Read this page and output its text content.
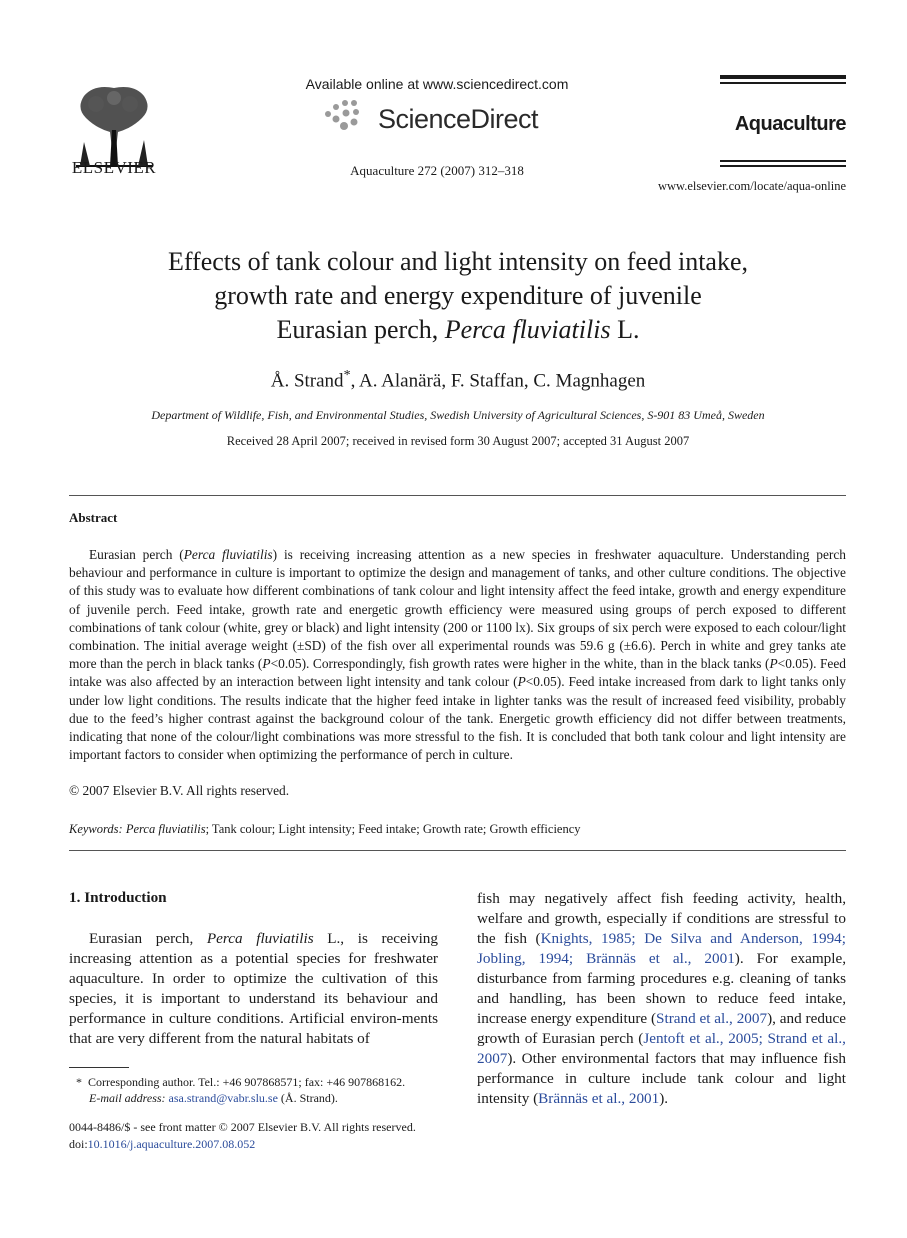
ELSEVIER
Available online at www.sciencedirect.com
ScienceDirect
Aquaculture 272 (2007) 312–318
Aquaculture
www.elsevier.com/locate/aqua-online
Effects of tank colour and light intensity on feed intake,
growth rate and energy expenditure of juvenile
Eurasian perch, Perca fluviatilis L.
Å. Strand*, A. Alanärä, F. Staffan, C. Magnhagen
Department of Wildlife, Fish, and Environmental Studies, Swedish University of Agricultural Sciences, S-901 83 Umeå, Sweden
Received 28 April 2007; received in revised form 30 August 2007; accepted 31 August 2007
Abstract
Eurasian perch (Perca fluviatilis) is receiving increasing attention as a new species in freshwater aquaculture. Understanding perch behaviour and performance in culture is important to optimize the design and management of tanks, and other culture conditions. The objective of this study was to evaluate how different combinations of tank colour and light intensity affect the feed intake, growth and energy expenditure of juvenile perch. Feed intake, growth rate and energetic growth efficiency were measured using groups of perch exposed to different combinations of tank colour (white, grey or black) and light intensity (200 or 1100 lx). Six groups of six perch were exposed to each colour/light combination. The initial average weight (±SD) of the fish over all experimental rounds was 59.6 g (±6.6). Perch in white and grey tanks ate more than the perch in black tanks (P<0.05). Correspondingly, fish growth rates were higher in the white, than in the black tanks (P<0.05). Feed intake was also affected by an interaction between light intensity and tank colour (P<0.05). Feed intake increased from dark to light tanks only under low light conditions. The results indicate that the higher feed intake in lighter tanks was the result of increased feed visibility, probably due to the feed’s higher contrast against the background colour of the tank. Energetic growth efficiency did not differ between treatments, indicating that none of the colour/light combinations was more stressful to the fish. It is concluded that both tank colour and light intensity are important factors to consider when optimizing the performance of perch in culture.
© 2007 Elsevier B.V. All rights reserved.
Keywords: Perca fluviatilis; Tank colour; Light intensity; Feed intake; Growth rate; Growth efficiency
1. Introduction
Eurasian perch, Perca fluviatilis L., is receiving increasing attention as a potential species for freshwater aquaculture. In order to optimize the cultivation of this species, it is important to understand its behaviour and performance in culture conditions. Artificial environ-ments that are very different from the natural habitats of
fish may negatively affect fish feeding activity, health, welfare and growth, especially if conditions are stressful to the fish (Knights, 1985; De Silva and Anderson, 1994; Jobling, 1994; Brännäs et al., 2001). For example, disturbance from farming procedures e.g. cleaning of tanks and handling, has been shown to reduce feed intake, increase energy expenditure (Strand et al., 2007), and reduce growth of Eurasian perch (Jentoft et al., 2005; Strand et al., 2007). Other environmental factors that may influence fish performance in culture include tank colour and light intensity (Brännäs et al., 2001).
* Corresponding author. Tel.: +46 907868571; fax: +46 907868162.
E-mail address: asa.strand@vabr.slu.se (Å. Strand).
0044-8486/$ - see front matter © 2007 Elsevier B.V. All rights reserved.
doi:10.1016/j.aquaculture.2007.08.052
